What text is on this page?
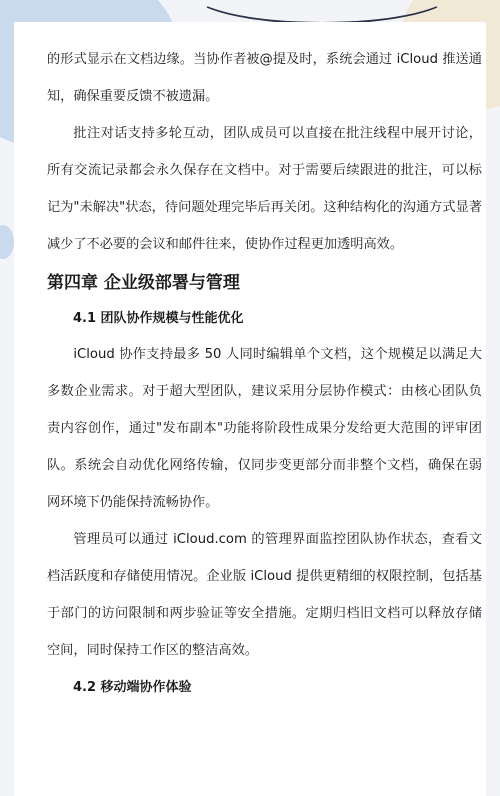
的形式显示在文档边缘。当协作者被@提及时，系统会通过 iCloud 推送通知，确保重要反馈不被遗漏。

批注对话支持多轮互动，团队成员可以直接在批注线程中展开讨论，所有交流记录都会永久保存在文档中。对于需要后续跟进的批注，可以标记为"未解决"状态，待问题处理完毕后再关闭。这种结构化的沟通方式显著减少了不必要的会议和邮件往来，使协作过程更加透明高效。

第四章 企业级部署与管理
4.1 团队协作规模与性能优化

iCloud 协作支持最多 50 人同时编辑单个文档，这个规模足以满足大多数企业需求。对于超大型团队，建议采用分层协作模式：由核心团队负责内容创作，通过"发布副本"功能将阶段性成果分发给更大范围的评审团队。系统会自动优化网络传输，仅同步变更部分而非整个文档，确保在弱网环境下仍能保持流畅协作。

管理员可以通过 iCloud.com 的管理界面监控团队协作状态，查看文档活跃度和存储使用情况。企业版 iCloud 提供更精细的权限控制，包括基于部门的访问限制和两步验证等安全措施。定期归档旧文档可以释放存储空间，同时保持工作区的整洁高效。

4.2 移动端协作体验
